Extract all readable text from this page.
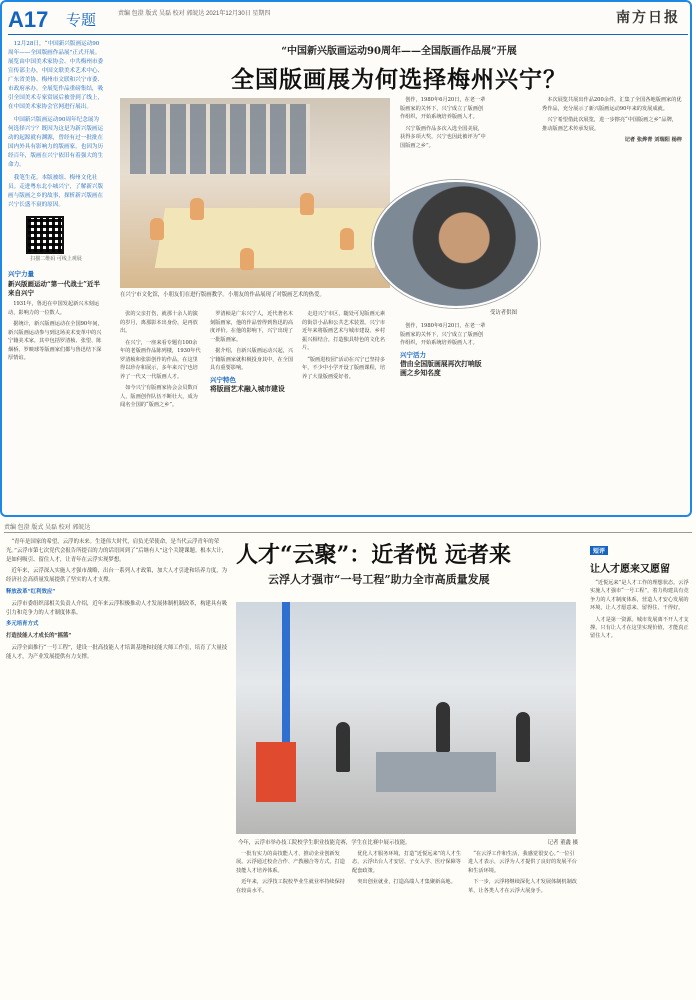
A17 专题	责编 包澄 版式 吴磊 校对 郭皖达 2021年12月30日 星期四	南方日报

12月28日，“中国新兴版画运动90周年——全国版画作品展”正式开展。展览由中国美术家协会、中共梅州市委宣传部主办，中国文联美术艺术中心、广东省美协、梅州市文联和兴宁市委、市政府承办。全展览作品重磅集结，吸引全国美术专家赏展后被誉到了线上，在中国美术家协会官网进行展出。

中国新兴版画运动90周年纪念展为何选择兴宁？既因为这是为新兴版画运动的起源就有渊源，曾经有过一批批在国内外具有影响力的版画家，也因为历经百年，版画在兴宁依旧有着强大的生命力。

我笔生花。本版被组、梅州文化社员。走进粤东北小城兴宁，了解新兴版画与版画之乡的故事，探析新兴版画在兴宁长盛不衰的原因。

扫描二维码 可线上观展
兴宁力量
新兴版画运动“第一代战士”近半来自兴宁

1931年，鲁迅在中国发起新兴木刻运动，影响力的一位数人。

据统计，新兴版画运动在全国90年间，新兴版画运动参与到这场美术变革中的兴宁籍美术家，其中包括罗清桢、张望、陈烟桥、罗映球等版画家们都与鲁迅结下深厚情谊。

“中国新兴版画运动90周年——全国版画作品展”开展
全国版画展为何选择梅州兴宁？
在兴宁市文化馆，小朋友们在进行版画教学。小朋友的作品展现了对版画艺术的热爱。
受访者供图

张的父亲打伤，就那十余人的演的岁月，离那影本出身份，是再放出。

在兴宁，一座来看专题有100余年的老版画作品陈列楼，1930年代罗清桢和张影创作的作品，在这里得以珍存和展示，多年来兴宁也培养了一代又一代版画人才。

如今兴宁有版画家协会会员数百人，版画创作队伍不断壮大，成为闻名全国的“版画之乡”。

罗清桢是广东兴宁人，近代著名木刻版画家，他的作品曾得到鲁迅的高度评价。在他的影响下，兴宁出现了一批版画家。

据介绍，自新兴版画运动兴起，兴宁籍版画家就积极投身其中，在全国具有重要影响。

兴宁特色
将版画艺术融入城市建设

走进兴宁市区，随处可见版画元素的街景小品和公共艺术装置。兴宁市近年来将版画艺术与城市建设、乡村振兴相结合，打造独具特色的文化名片。

“版画进校园”活动在兴宁已坚持多年，不少中小学开设了版画课程，培养了大量版画爱好者。

创作，1980年6月20日，在老一辈版画家的关怀下，兴宁成立了版画创作组织，开始系统培养版画人才。

兴宁版画作品多次入选全国美展，获得多项大奖，兴宁也因此被评为“中国版画之乡”。

创作，1980年6月20日，在老一辈版画家的关怀下，兴宁成立了版画创作组织，开始系统培养版画人才。

兴宁活力
借由全国版画展再次打响版画之乡知名度

本次展览共展出作品200余件，汇集了全国各地版画家的优秀作品，充分展示了新兴版画运动90年来的发展成就。

兴宁希望借此次展览，进一步擦亮“中国版画之乡”品牌，推动版画艺术传承发展。

记者 张烨青 刘瑞阳 杨梓

责编 包澄 版式 吴磊 校对 郭皖达

“青年是国家的希望，云浮的未来。生逢伟大时代，肩负光荣使命，是当代云浮青年的荣光。”云浮市第七次党代会报告所提召的力的话语回到了“后继有人”这个关键课题。根本大计，是如何吸引、留住人才，让青年在云浮实现梦想。

近年来，云浮深入实施人才强市战略，出台一系列人才政策，加大人才引进和培养力度，为经济社会高质量发展提供了坚实的人才支撑。

释放改革“红利效应”

云浮市委组织部相关负责人介绍，近年来云浮积极推动人才发展体制机制改革，构建具有吸引力和竞争力的人才制度体系。

多元培育方式

打造技能人才成长的“摇篮”

云浮全面推行“一号工程”，建设一批高技能人才培训基地和技能大师工作室，培育了大量技能人才，为产业发展提供有力支撑。

人才“云聚”：近者悦 远者来
云浮人才强市“一号工程”助力全市高质量发展
今年，云浮市举办技工院校学生职业技能竞赛，学生在比赛中展示技能。	记者 董鑫 摄

一批有实力的高技能人才，推动企业创新发展。云浮通过校企合作、产教融合等方式，打造技能人才培养体系。

近年来，云浮技工院校毕业生就业率持续保持在较高水平。

优化人才服务环境，打造“近悦远来”的人才生态，云浮出台人才安居、子女入学、医疗保障等配套政策。

突出创业就业，打造高端人才集聚新高地。

“在云浮工作和生活，我感觉很安心。”一位引进人才表示，云浮为人才提供了良好的发展平台和生活环境。

下一步，云浮将继续深化人才发展体制机制改革，让各类人才在云浮大展身手。

短评
让人才愿来又愿留

“近悦远来”是人才工作的理想状态。云浮实施人才强市“一号工程”，着力构建具有竞争力的人才制度体系，营造人才安心发展的环境，让人才愿意来、留得住、干得好。

人才是第一资源。城市发展离不开人才支撑，只有让人才在这里实现价值，才能真正留住人才。
